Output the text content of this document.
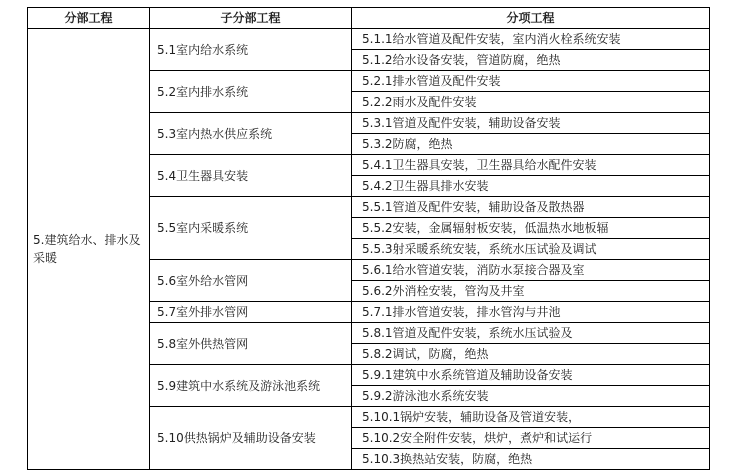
分部工程	子分部工程	分项工程
5.建筑给水、排水及采暖	5.1室内给水系统	5.1.1给水管道及配件安装，室内消火栓系统安装
		5.1.2给水设备安装，管道防腐，绝热
	5.2室内排水系统	5.2.1排水管道及配件安装
		5.2.2雨水及配件安装
	5.3室内热水供应系统	5.3.1管道及配件安装，辅助设备安装
		5.3.2防腐，绝热
	5.4卫生器具安装	5.4.1卫生器具安装，卫生器具给水配件安装
		5.4.2卫生器具排水安装
	5.5室内采暖系统	5.5.1管道及配件安装，辅助设备及散热器
		5.5.2安装，金属辐射板安装，低温热水地板辐
		5.5.3射采暖系统安装，系统水压试验及调试
	5.6室外给水管网	5.6.1给水管道安装，消防水泵接合器及室
		5.6.2外消栓安装，管沟及井室
	5.7室外排水管网	5.7.1排水管道安装，排水管沟与井池
	5.8室外供热管网	5.8.1管道及配件安装，系统水压试验及
		5.8.2调试，防腐，绝热
	5.9建筑中水系统及游泳池系统	5.9.1建筑中水系统管道及辅助设备安装
		5.9.2游泳池水系统安装
	5.10供热锅炉及辅助设备安装	5.10.1锅炉安装，辅助设备及管道安装，
		5.10.2安全附件安装，烘炉，煮炉和试运行
		5.10.3换热站安装，防腐，绝热
